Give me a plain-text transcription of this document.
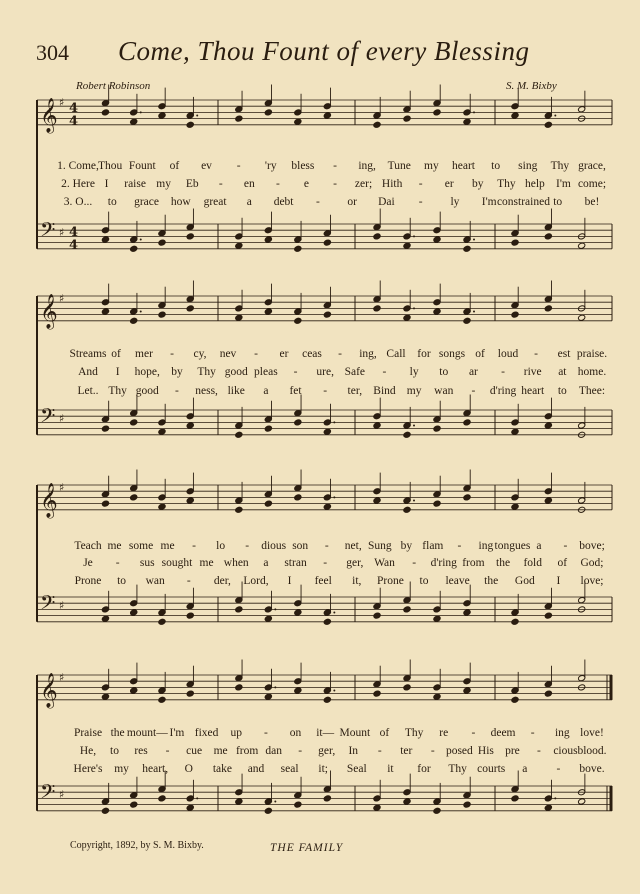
304 Come, Thou Fount of every Blessing
Robert Robinson	S. M. Bixby
𝄞 ♯ 4
4
𝄢 ♯ 4
4
𝄞 ♯
𝄢 ♯
𝄞 ♯
𝄢 ♯
𝄞 ♯
𝄢 ♯
1. Come, Thou Fount of ev - 'ry bless - ing, Tune my heart to sing Thy grace,
2. Here I raise my Eb - en - e - zer; Hith - er by Thy help I'm come;
3. O... to grace how great a debt - or Dai - ly I'm constrained to be!
Streams of mer - cy, nev - er ceas - ing, Call for songs of loud - est praise.
And I hope, by Thy good pleas - ure, Safe - ly to ar - rive at home.
Let.. Thy good - ness, like a fet - ter, Bind my wan - d'ring heart to Thee:
Teach me some me - lo - dious son - net, Sung by flam - ing tongues a - bove;
Je - sus sought me when a stran - ger, Wan - d'ring from the fold of God;
Prone to wan - der, Lord, I feel it, Prone to leave the God I love;
Praise the mount— I'm fixed up - on it— Mount of Thy re - deem - ing love!
He, to res - cue me from dan - ger, In - ter - posed His pre - cious blood.
Here's my heart, O take and seal it; Seal it for Thy courts a	- bove.
Copyright, 1892, by S. M. Bixby.	THE FAMILY
